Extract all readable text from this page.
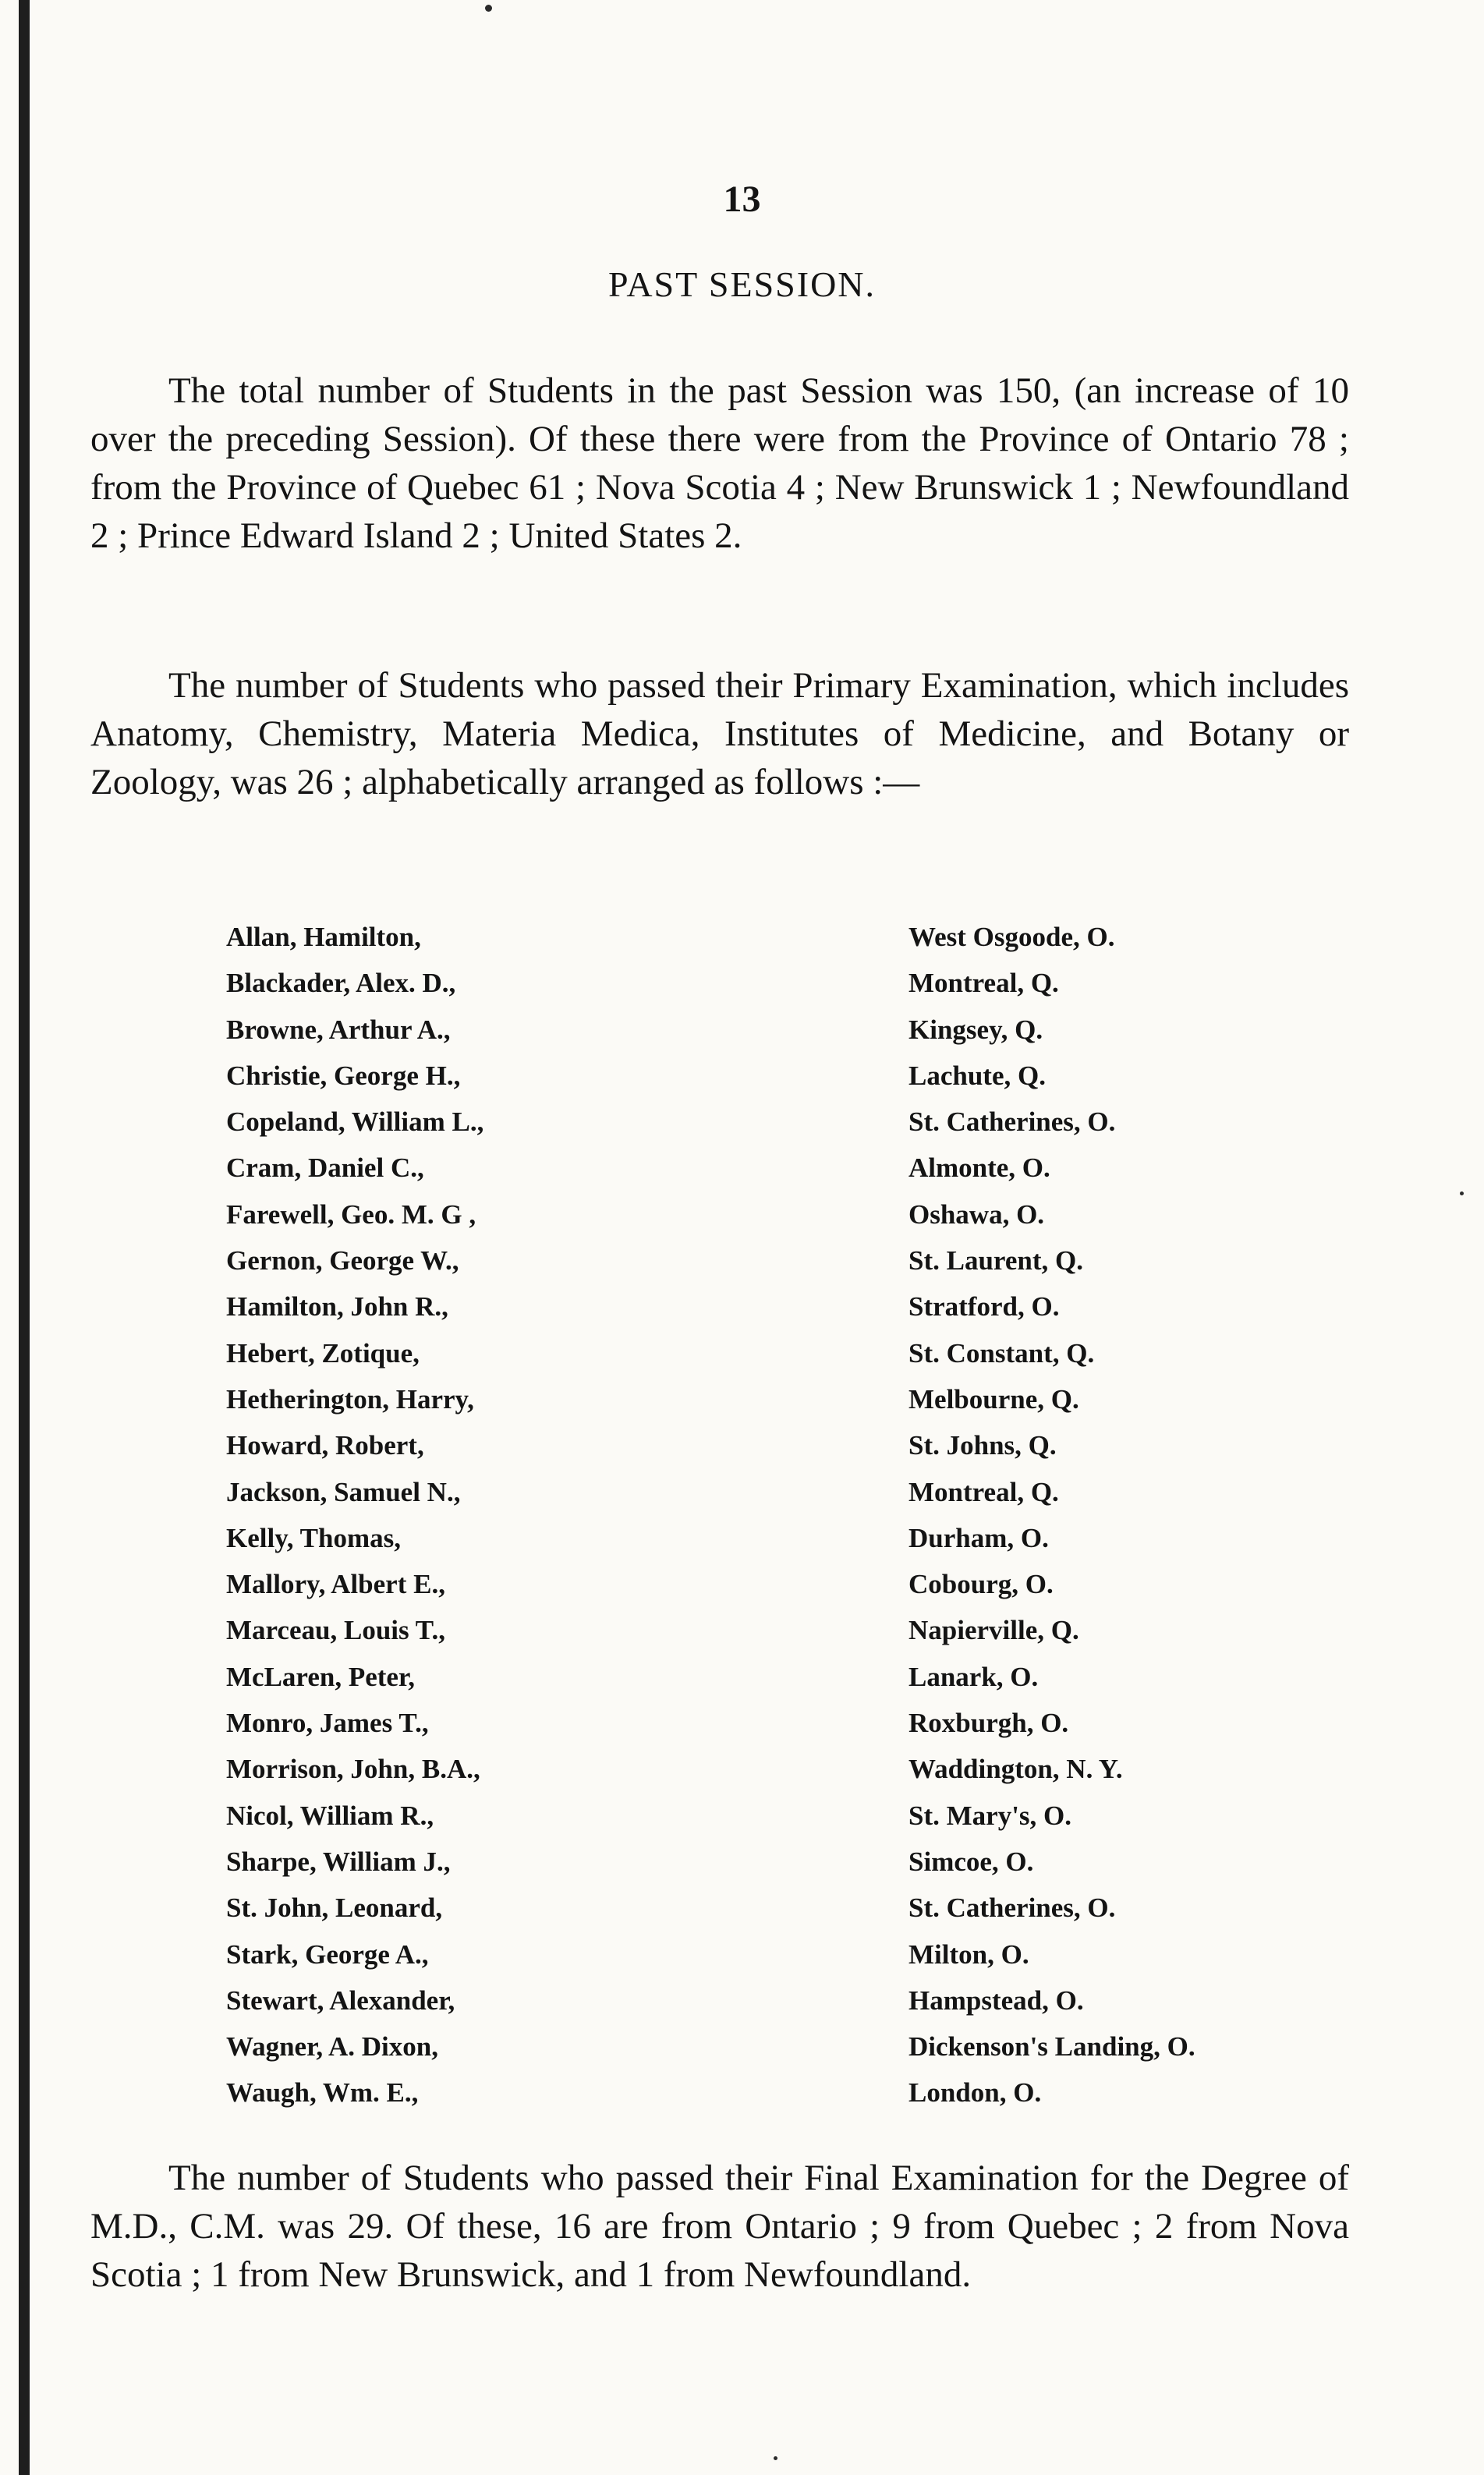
13
PAST SESSION.

The total number of Students in the past Session was 150, (an increase of 10 over the preceding Session). Of these there were from the Province of Ontario 78 ; from the Province of Quebec 61 ; Nova Scotia 4 ; New Brunswick 1 ; Newfoundland 2 ; Prince Edward Island 2 ; United States 2.

The number of Students who passed their Primary Examination, which includes Anatomy, Chemistry, Materia Medica, Institutes of Medicine, and Botany or Zoology, was 26 ; alphabetically arranged as follows :—

Allan, Hamilton,	West Osgoode, O.
Blackader, Alex. D.,	Montreal, Q.
Browne, Arthur A.,	Kingsey, Q.
Christie, George H.,	Lachute, Q.
Copeland, William L.,	St. Catherines, O.
Cram, Daniel C.,	Almonte, O.
Farewell, Geo. M. G ,	Oshawa, O.
Gernon, George W.,	St. Laurent, Q.
Hamilton, John R.,	Stratford, O.
Hebert, Zotique,	St. Constant, Q.
Hetherington, Harry,	Melbourne, Q.
Howard, Robert,	St. Johns, Q.
Jackson, Samuel N.,	Montreal, Q.
Kelly, Thomas,	Durham, O.
Mallory, Albert E.,	Cobourg, O.
Marceau, Louis T.,	Napierville, Q.
McLaren, Peter,	Lanark, O.
Monro, James T.,	Roxburgh, O.
Morrison, John, B.A.,	Waddington, N. Y.
Nicol, William R.,	St. Mary's, O.
Sharpe, William J.,	Simcoe, O.
St. John, Leonard,	St. Catherines, O.
Stark, George A.,	Milton, O.
Stewart, Alexander,	Hampstead, O.
Wagner, A. Dixon,	Dickenson's Landing, O.
Waugh, Wm. E.,	London, O.

The number of Students who passed their Final Examination for the Degree of M.D., C.M. was 29. Of these, 16 are from Ontario ; 9 from Quebec ; 2 from Nova Scotia ; 1 from New Brunswick, and 1 from Newfoundland.
